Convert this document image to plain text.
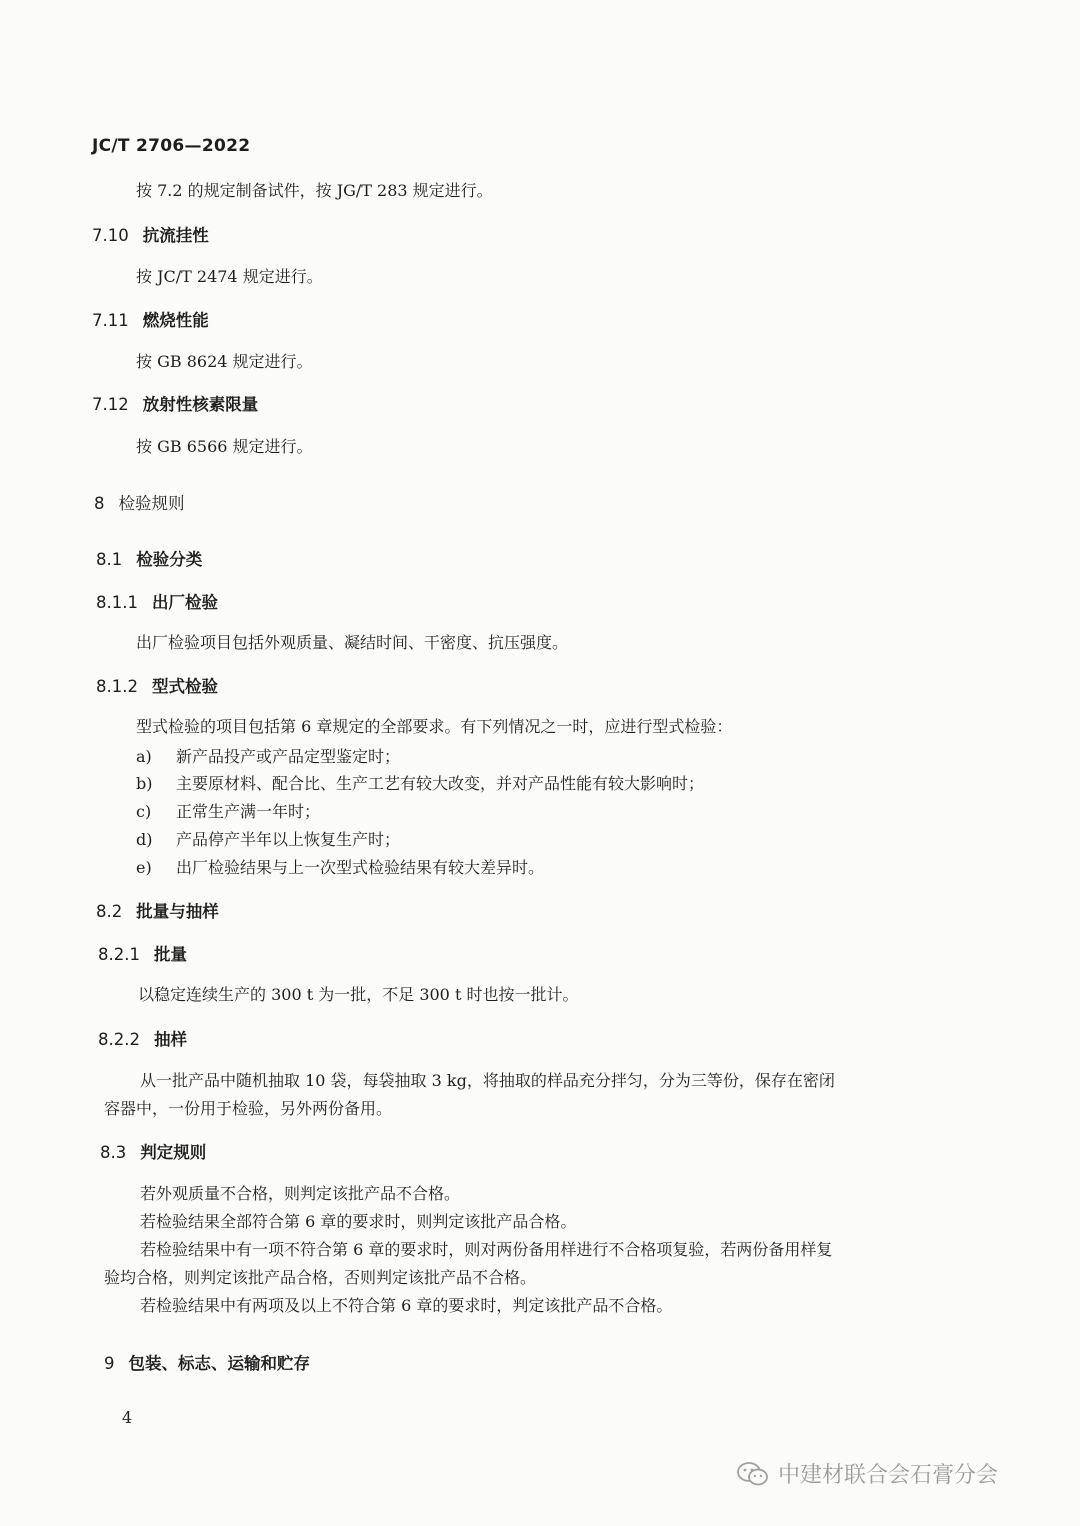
JC/T 2706—2022
按 7.2 的规定制备试件，按 JG/T 283 规定进行。
7.10 抗流挂性
按 JC/T 2474 规定进行。
7.11 燃烧性能
按 GB 8624 规定进行。
7.12 放射性核素限量
按 GB 6566 规定进行。
8 检验规则
8.1 检验分类
8.1.1 出厂检验
出厂检验项目包括外观质量、凝结时间、干密度、抗压强度。
8.1.2 型式检验
型式检验的项目包括第 6 章规定的全部要求。有下列情况之一时，应进行型式检验：
a) 新产品投产或产品定型鉴定时；
b) 主要原材料、配合比、生产工艺有较大改变，并对产品性能有较大影响时；
c) 正常生产满一年时；
d) 产品停产半年以上恢复生产时；
e) 出厂检验结果与上一次型式检验结果有较大差异时。
8.2 批量与抽样
8.2.1 批量
以稳定连续生产的 300 t 为一批，不足 300 t 时也按一批计。
8.2.2 抽样
从一批产品中随机抽取 10 袋，每袋抽取 3 kg，将抽取的样品充分拌匀，分为三等份，保存在密闭
容器中，一份用于检验，另外两份备用。
8.3 判定规则
若外观质量不合格，则判定该批产品不合格。
若检验结果全部符合第 6 章的要求时，则判定该批产品合格。
若检验结果中有一项不符合第 6 章的要求时，则对两份备用样进行不合格项复验，若两份备用样复
验均合格，则判定该批产品合格，否则判定该批产品不合格。
若检验结果中有两项及以上不符合第 6 章的要求时，判定该批产品不合格。
9 包装、标志、运输和贮存
4
中建材联合会石膏分会
